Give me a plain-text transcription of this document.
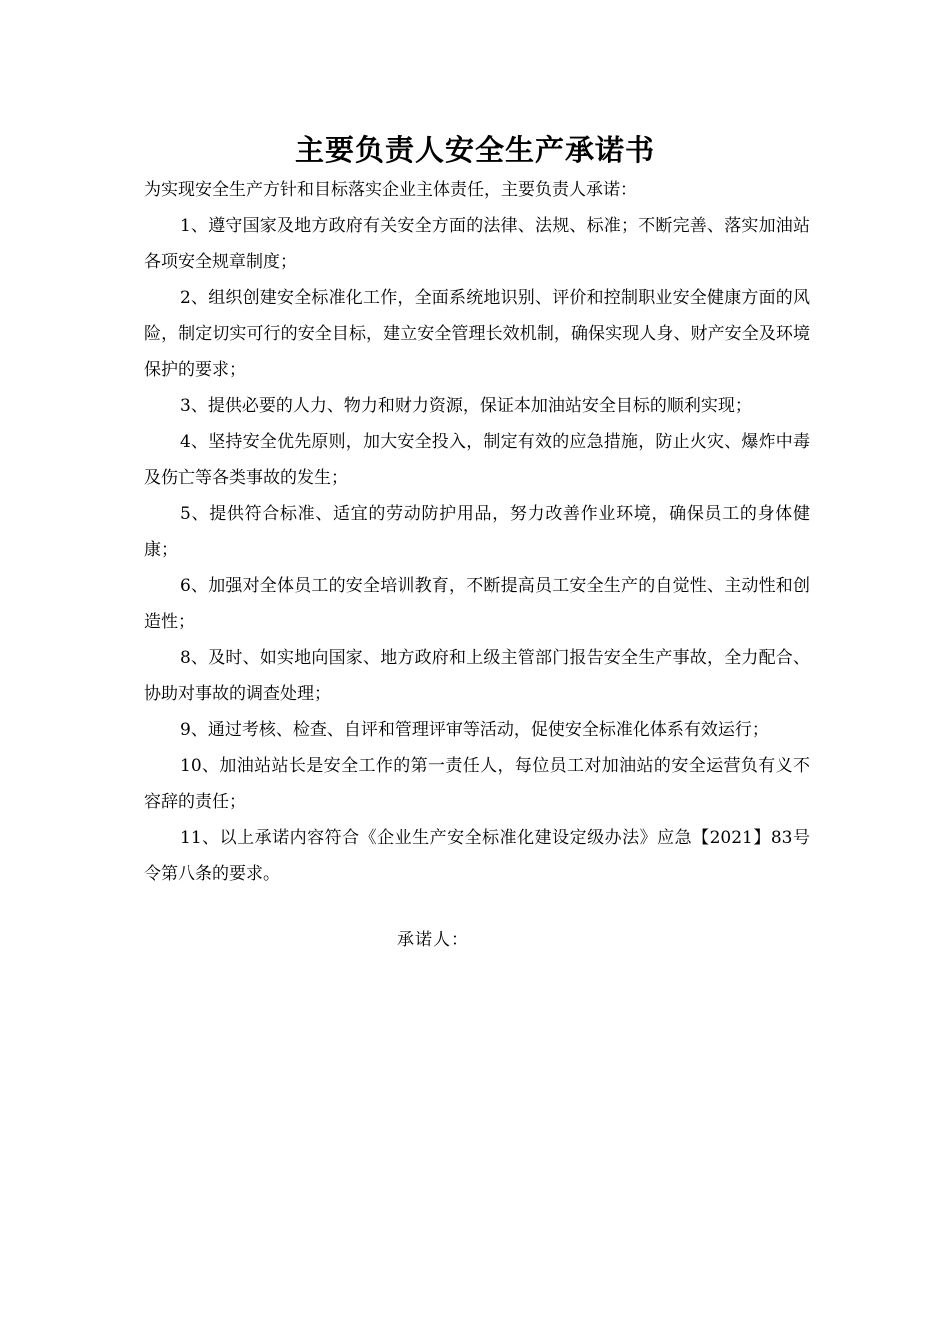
主要负责人安全生产承诺书

为实现安全生产方针和目标落实企业主体责任，主要负责人承诺：

1、遵守国家及地方政府有关安全方面的法律、法规、标准；不断完善、落实加油站各项安全规章制度；

2、组织创建安全标准化工作，全面系统地识别、评价和控制职业安全健康方面的风险，制定切实可行的安全目标，建立安全管理长效机制，确保实现人身、财产安全及环境保护的要求；

3、提供必要的人力、物力和财力资源，保证本加油站安全目标的顺利实现；

4、坚持安全优先原则，加大安全投入，制定有效的应急措施，防止火灾、爆炸中毒及伤亡等各类事故的发生；

5、提供符合标准、适宜的劳动防护用品，努力改善作业环境，确保员工的身体健康；

6、加强对全体员工的安全培训教育，不断提高员工安全生产的自觉性、主动性和创造性；

8、及时、如实地向国家、地方政府和上级主管部门报告安全生产事故，全力配合、协助对事故的调查处理；

9、通过考核、检查、自评和管理评审等活动，促使安全标准化体系有效运行；

10、加油站站长是安全工作的第一责任人，每位员工对加油站的安全运营负有义不容辞的责任；

11、以上承诺内容符合《企业生产安全标准化建设定级办法》应急【2021】83号令第八条的要求。

承诺人：
